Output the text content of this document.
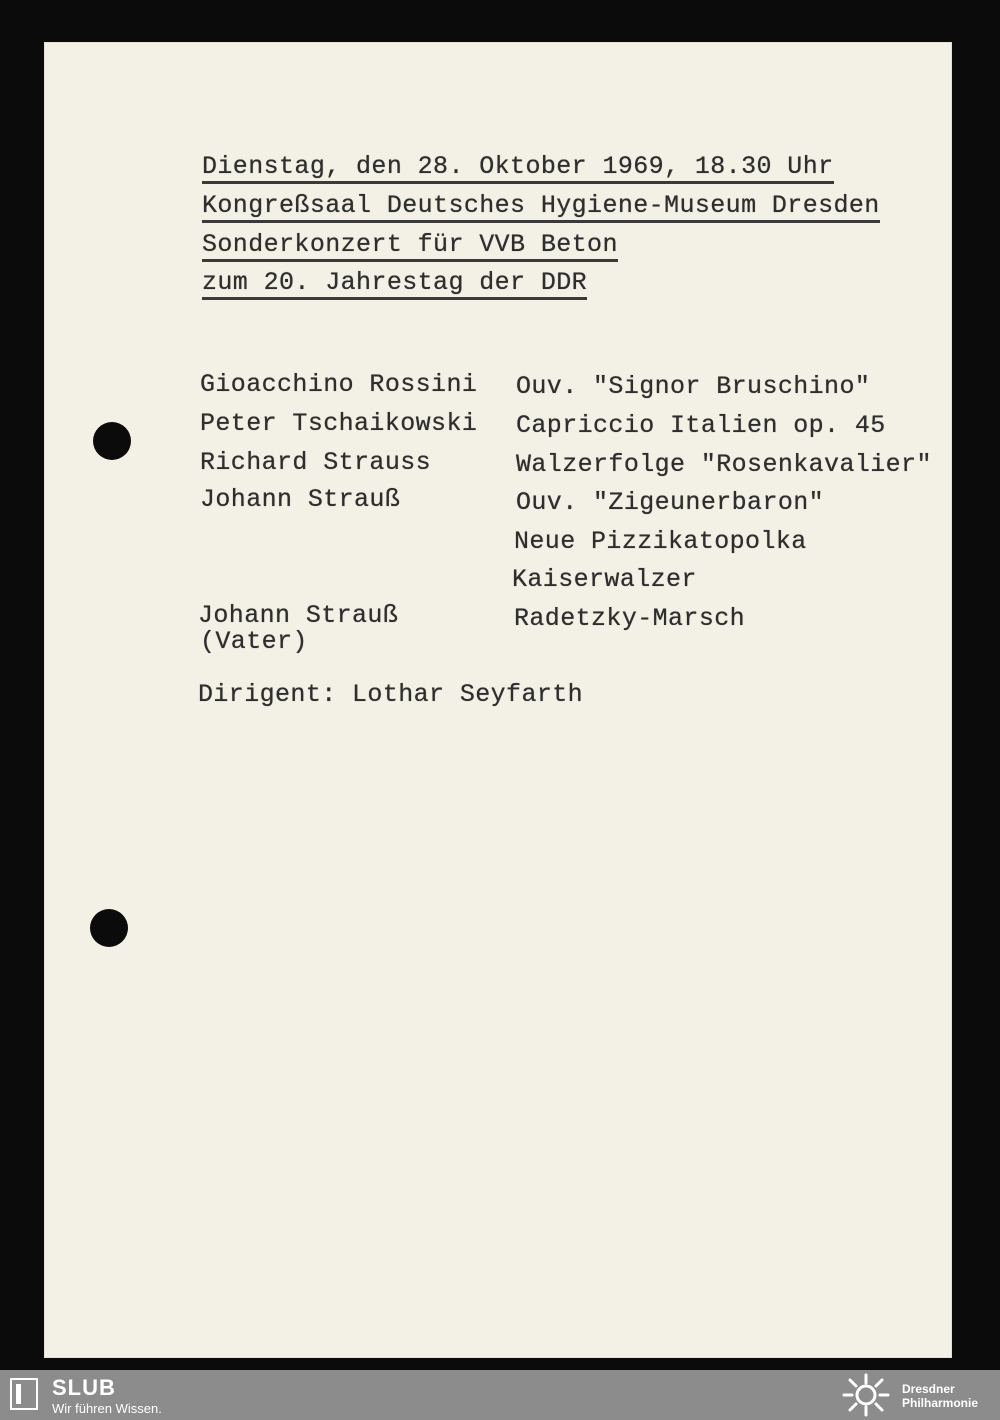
Dienstag, den 28. Oktober 1969, 18.30 Uhr
Kongreßsaal Deutsches Hygiene-Museum Dresden
Sonderkonzert für VVB Beton
zum 20. Jahrestag der DDR
Gioacchino Rossini
Peter Tschaikowski
Richard Strauss
Johann Strauß
Johann Strauß
(Vater)
Ouv. "Signor Bruschino"
Capriccio Italien op. 45
Walzerfolge "Rosenkavalier"
Ouv. "Zigeunerbaron"
Neue Pizzikatopolka
Kaiserwalzer
Radetzky-Marsch
Dirigent: Lothar Seyfarth
SLUB
Wir führen Wissen.
Dresdner
Philharmonie
